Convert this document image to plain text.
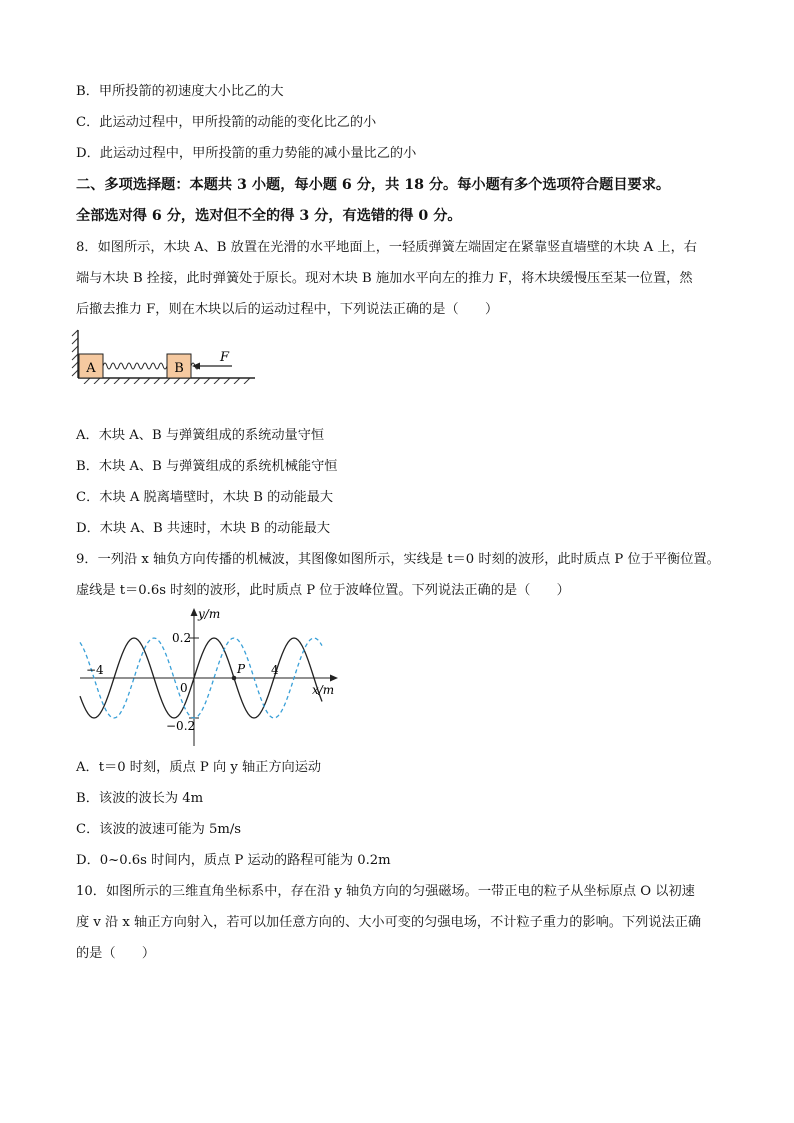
B．甲所投箭的初速度大小比乙的大
C．此运动过程中，甲所投箭的动能的变化比乙的小
D．此运动过程中，甲所投箭的重力势能的减小量比乙的小
二、多项选择题：本题共 3 小题，每小题 6 分，共 18 分。每小题有多个选项符合题目要求。
全部选对得 6 分，选对但不全的得 3 分，有选错的得 0 分。
8．如图所示，木块 A、B 放置在光滑的水平地面上，一轻质弹簧左端固定在紧靠竖直墙壁的木块 A 上，右
端与木块 B 拴接，此时弹簧处于原长。现对木块 B 施加水平向左的推力 F，将木块缓慢压至某一位置，然
后撤去推力 F，则在木块以后的运动过程中，下列说法正确的是（　　）
A	B
F
A．木块 A、B 与弹簧组成的系统动量守恒
B．木块 A、B 与弹簧组成的系统机械能守恒
C．木块 A 脱离墙壁时，木块 B 的动能最大
D．木块 A、B 共速时，木块 B 的动能最大
9．一列沿 x 轴负方向传播的机械波，其图像如图所示，实线是 t＝0 时刻的波形，此时质点 P 位于平衡位置。
虚线是 t＝0.6s 时刻的波形，此时质点 P 位于波峰位置。下列说法正确的是（　　）
P
y/m
x/m
0.2
−0.2
0
−4	4
A．t＝0 时刻，质点 P 向 y 轴正方向运动
B．该波的波长为 4m
C．该波的波速可能为 5m/s
D．0~0.6s 时间内，质点 P 运动的路程可能为 0.2m
10．如图所示的三维直角坐标系中，存在沿 y 轴负方向的匀强磁场。一带正电的粒子从坐标原点 O 以初速
度 v 沿 x 轴正方向射入，若可以加任意方向的、大小可变的匀强电场，不计粒子重力的影响。下列说法正确
的是（　　）
